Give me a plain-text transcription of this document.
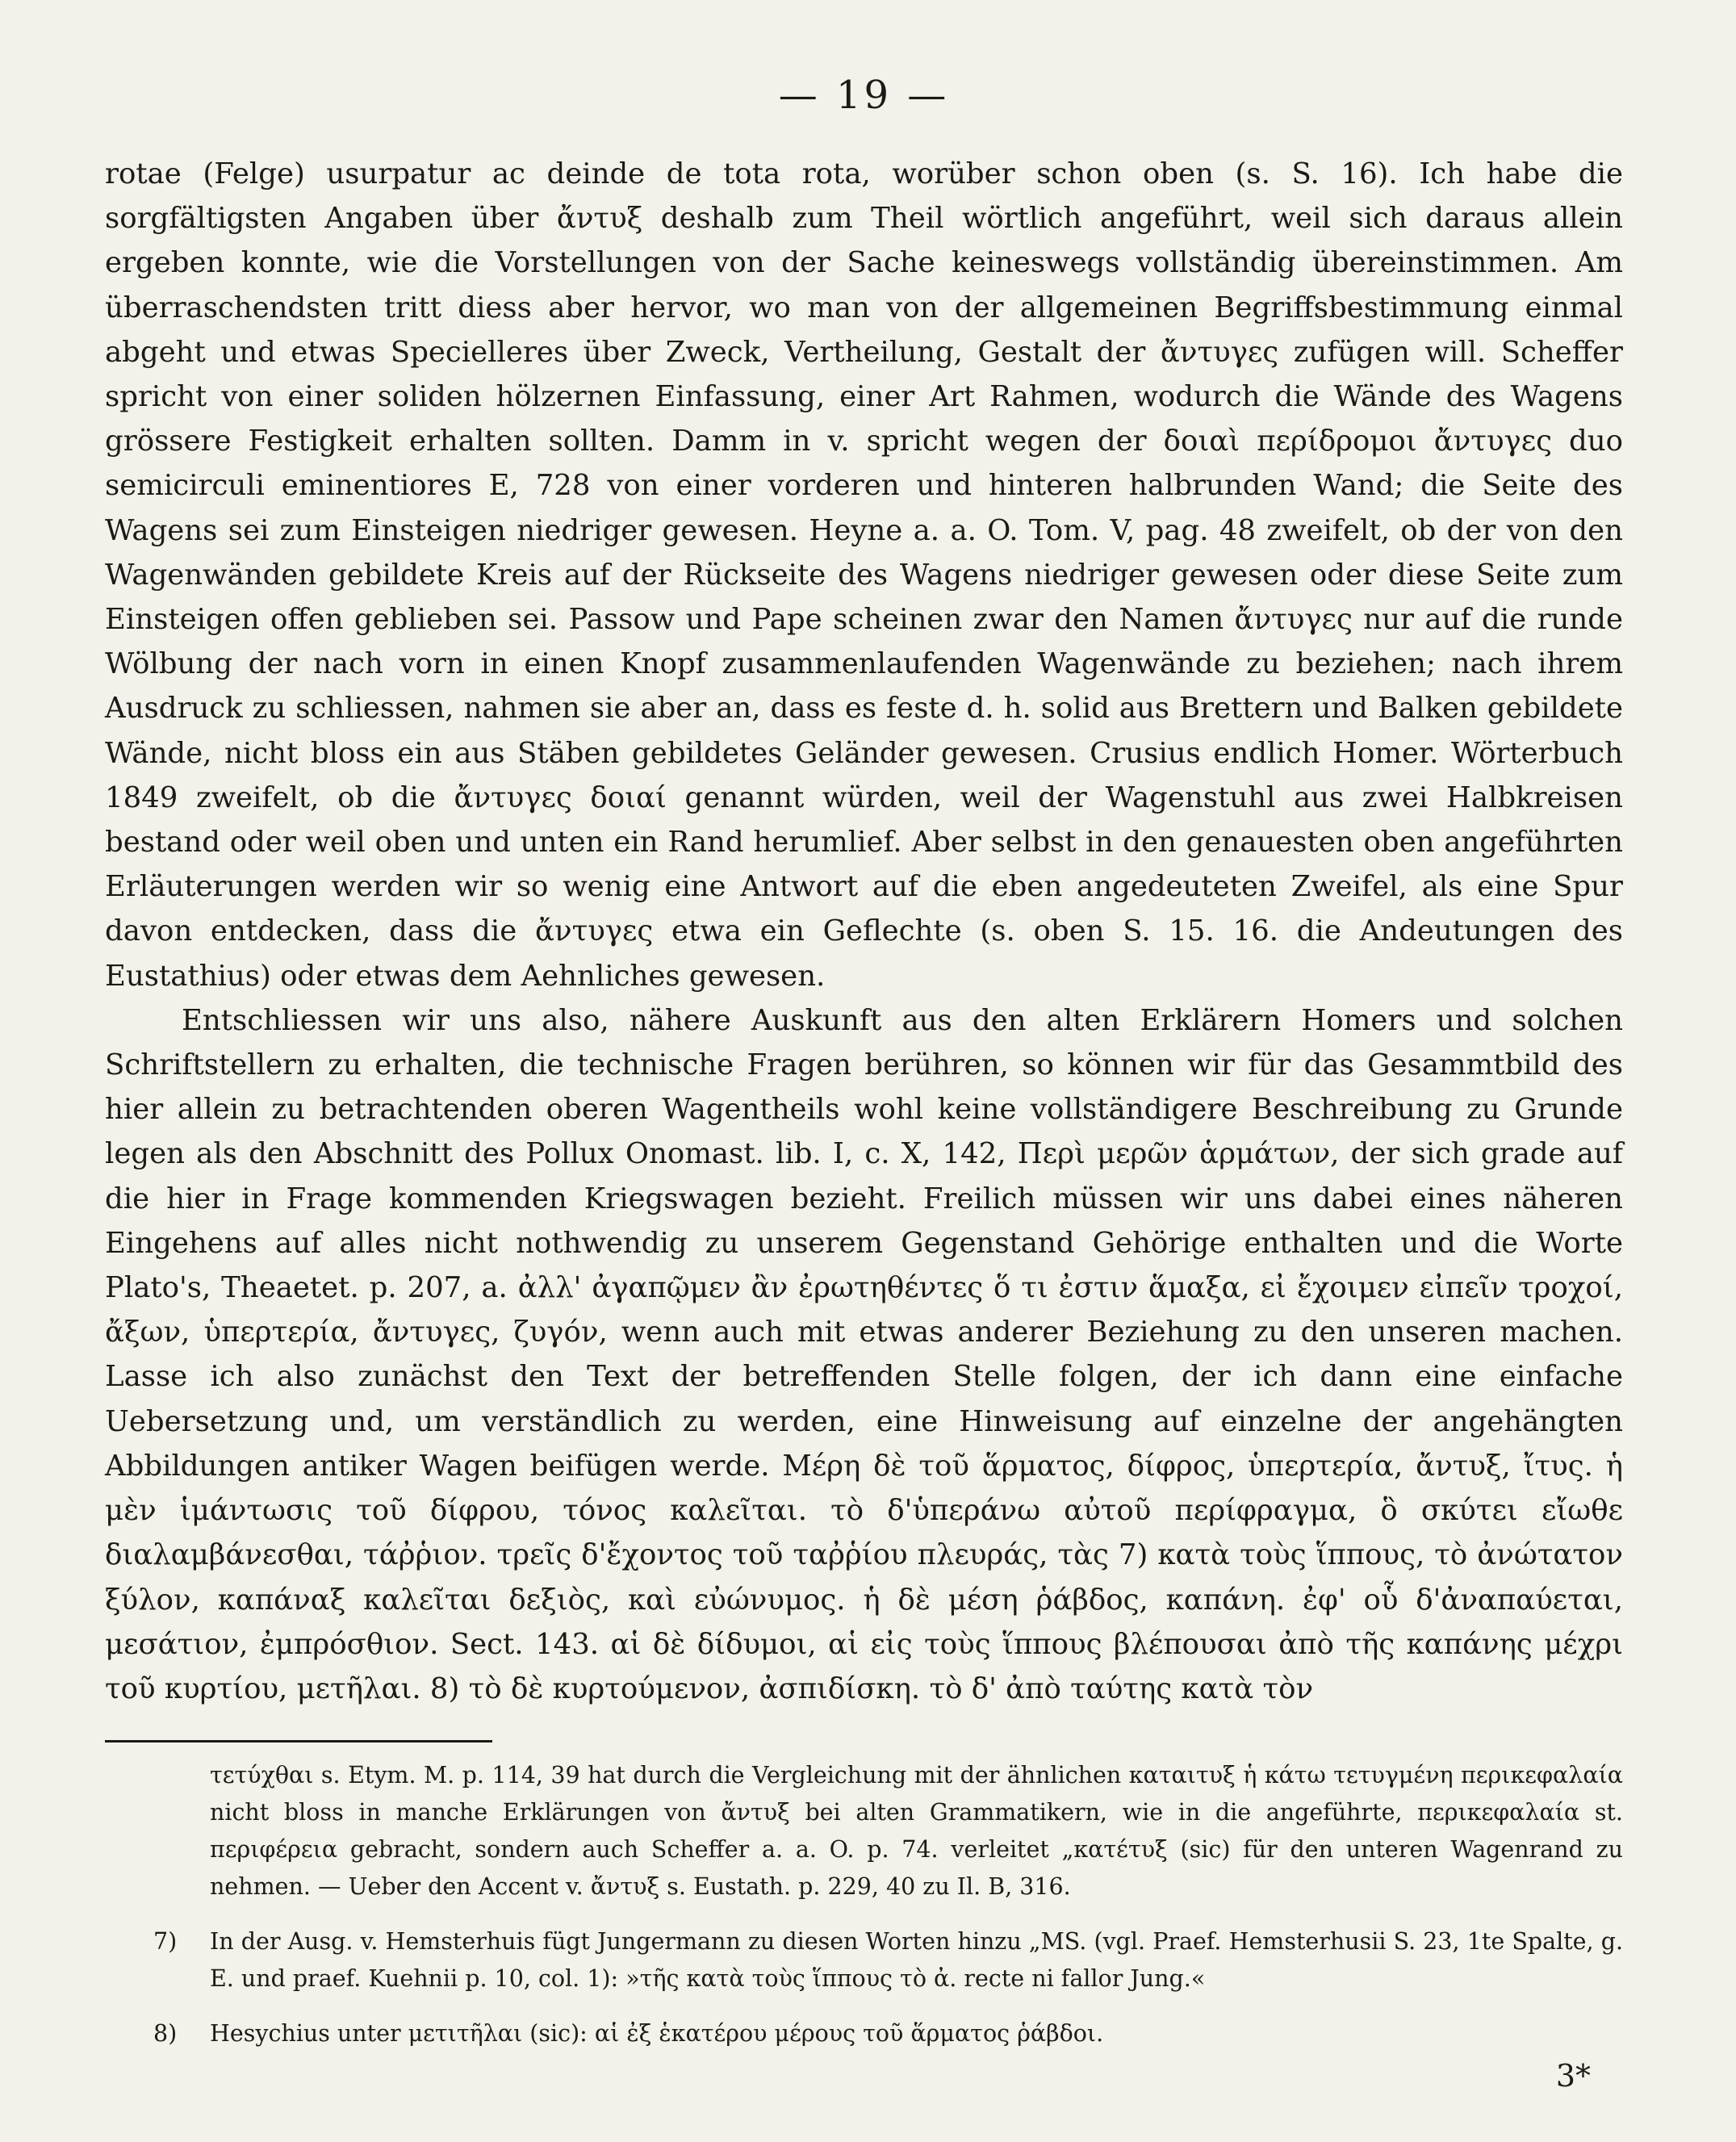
— 19 —

rotae (Felge) usurpatur ac deinde de tota rota, worüber schon oben (s. S. 16). Ich habe die sorgfältigsten Angaben über ἄντυξ deshalb zum Theil wörtlich angeführt, weil sich daraus allein ergeben konnte, wie die Vorstellungen von der Sache keineswegs vollständig übereinstimmen. Am überraschendsten tritt diess aber hervor, wo man von der allgemeinen Begriffsbestimmung einmal abgeht und etwas Specielleres über Zweck, Vertheilung, Gestalt der ἄντυγες zufügen will. Scheffer spricht von einer soliden hölzernen Einfassung, einer Art Rahmen, wodurch die Wände des Wagens grössere Festigkeit erhalten sollten. Damm in v. spricht wegen der δοιαὶ περίδρομοι ἄντυγες duo semicirculi eminentiores E, 728 von einer vorderen und hinteren halbrunden Wand; die Seite des Wagens sei zum Einsteigen niedriger gewesen. Heyne a. a. O. Tom. V, pag. 48 zweifelt, ob der von den Wagenwänden gebildete Kreis auf der Rückseite des Wagens niedriger gewesen oder diese Seite zum Einsteigen offen geblieben sei. Passow und Pape scheinen zwar den Namen ἄντυγες nur auf die runde Wölbung der nach vorn in einen Knopf zusammenlaufenden Wagenwände zu beziehen; nach ihrem Ausdruck zu schliessen, nahmen sie aber an, dass es feste d. h. solid aus Brettern und Balken gebildete Wände, nicht bloss ein aus Stäben gebildetes Geländer gewesen. Crusius endlich Homer. Wörterbuch 1849 zweifelt, ob die ἄντυγες δοιαί genannt würden, weil der Wagenstuhl aus zwei Halbkreisen bestand oder weil oben und unten ein Rand herumlief. Aber selbst in den genauesten oben angeführten Erläuterungen werden wir so wenig eine Antwort auf die eben angedeuteten Zweifel, als eine Spur davon entdecken, dass die ἄντυγες etwa ein Geflechte (s. oben S. 15. 16. die Andeutungen des Eustathius) oder etwas dem Aehnliches gewesen.

Entschliessen wir uns also, nähere Auskunft aus den alten Erklärern Homers und solchen Schriftstellern zu erhalten, die technische Fragen berühren, so können wir für das Gesammtbild des hier allein zu betrachtenden oberen Wagentheils wohl keine vollständigere Beschreibung zu Grunde legen als den Abschnitt des Pollux Onomast. lib. I, c. X, 142, Περὶ μερῶν ἁρμάτων, der sich grade auf die hier in Frage kommenden Kriegswagen bezieht. Freilich müssen wir uns dabei eines näheren Eingehens auf alles nicht nothwendig zu unserem Gegenstand Gehörige enthalten und die Worte Plato's, Theaetet. p. 207, a. ἀλλ' ἀγαπῷμεν ἂν ἐρωτηθέντες ὅ τι ἐστιν ἅμαξα, εἰ ἔχοιμεν εἰπεῖν τροχοί, ἄξων, ὑπερτερία, ἄντυγες, ζυγόν, wenn auch mit etwas anderer Beziehung zu den unseren machen. Lasse ich also zunächst den Text der betreffenden Stelle folgen, der ich dann eine einfache Uebersetzung und, um verständlich zu werden, eine Hinweisung auf einzelne der angehängten Abbildungen antiker Wagen beifügen werde. Μέρη δὲ τοῦ ἅρματος, δίφρος, ὑπερτερία, ἄντυξ, ἴτυς. ἡ μὲν ἱμάντωσις τοῦ δίφρου, τόνος καλεῖται. τὸ δ'ὑπεράνω αὐτοῦ περίφραγμα, ὃ σκύτει εἴωθε διαλαμβάνεσθαι, τάῤῥιον. τρεῖς δ'ἔχοντος τοῦ ταῤῥίου πλευράς, τὰς 7) κατὰ τοὺς ἵππους, τὸ ἀνώτατον ξύλον, καπάναξ καλεῖται δεξιὸς, καὶ εὐώνυμος. ἡ δὲ μέση ῥάβδος, καπάνη. ἐφ' οὗ δ'ἀναπαύεται, μεσάτιον, ἐμπρόσθιον. Sect. 143. αἱ δὲ δίδυμοι, αἱ εἰς τοὺς ἵππους βλέπουσαι ἀπὸ τῆς καπάνης μέχρι τοῦ κυρτίου, μετῆλαι. 8) τὸ δὲ κυρτούμενον, ἀσπιδίσκη. τὸ δ' ἀπὸ ταύτης κατὰ τὸν

τετύχθαι s. Etym. M. p. 114, 39 hat durch die Vergleichung mit der ähnlichen καταιτυξ ἡ κάτω τετυγμένη περικεφαλαία nicht bloss in manche Erklärungen von ἄντυξ bei alten Grammatikern, wie in die angeführte, περικεφαλαία st. περιφέρεια gebracht, sondern auch Scheffer a. a. O. p. 74. verleitet „κατέτυξ (sic) für den unteren Wagenrand zu nehmen. — Ueber den Accent v. ἄντυξ s. Eustath. p. 229, 40 zu Il. B, 316.
7)	In der Ausg. v. Hemsterhuis fügt Jungermann zu diesen Worten hinzu „MS. (vgl. Praef. Hemsterhusii S. 23, 1te Spalte, g. E. und praef. Kuehnii p. 10, col. 1): »τῆς κατὰ τοὺς ἵππους τὸ ἀ. recte ni fallor Jung.«
8)	Hesychius unter μετιτῆλαι (sic): αἱ ἐξ ἑκατέρου μέρους τοῦ ἅρματος ῥάβδοι.
3*
